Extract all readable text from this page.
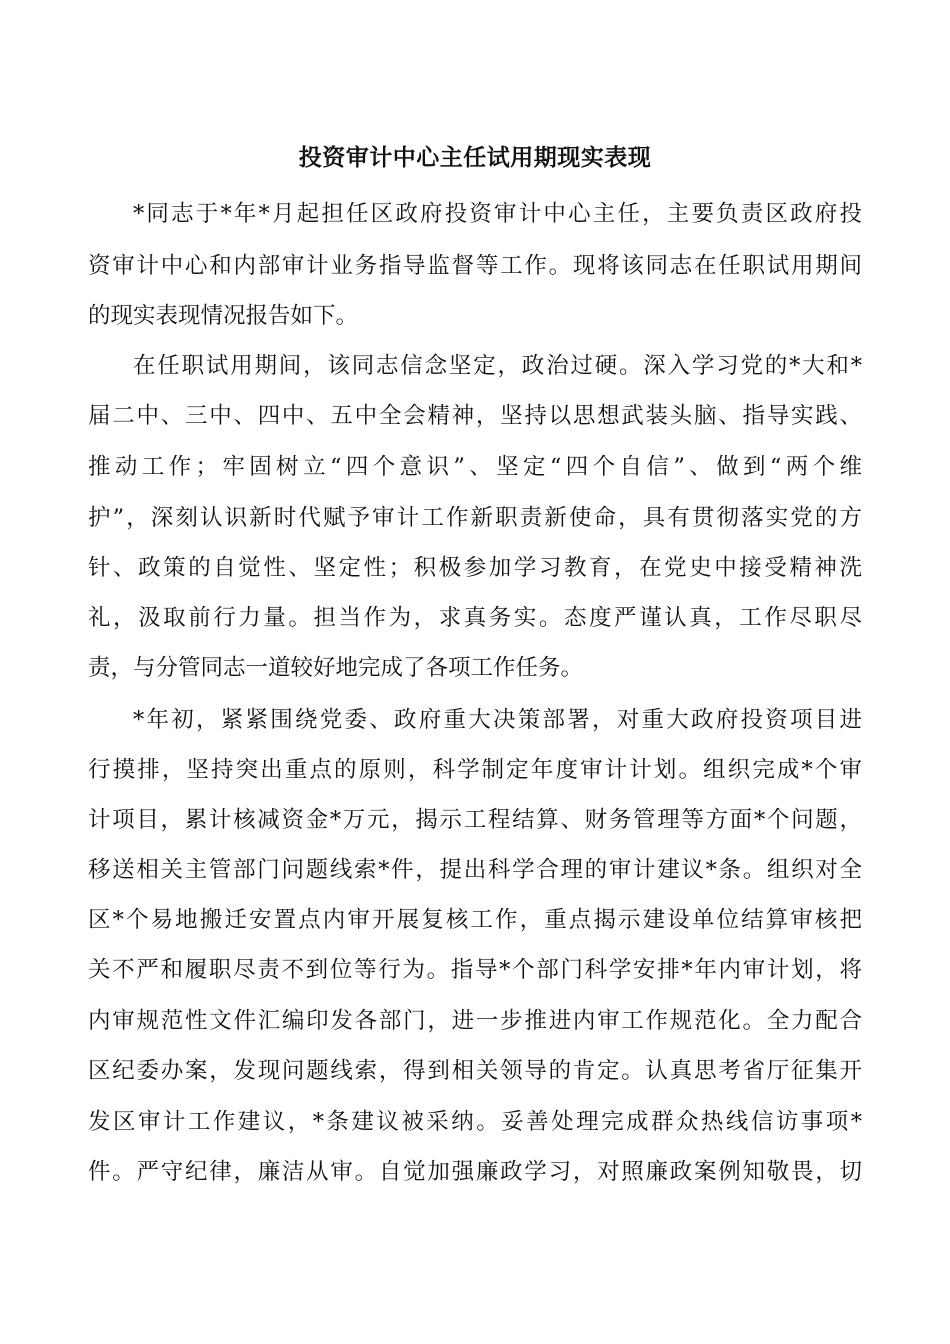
投资审计中心主任试用期现实表现
*同志于*年*月起担任区政府投资审计中心主任，主要负责区政府投
资审计中心和内部审计业务指导监督等工作。现将该同志在任职试用期间
的现实表现情况报告如下。
在任职试用期间，该同志信念坚定，政治过硬。深入学习党的*大和*
届二中、三中、四中、五中全会精神，坚持以思想武装头脑、指导实践、
推动工作；牢固树立“四个意识”、坚定“四个自信”、做到“两个维
护”，深刻认识新时代赋予审计工作新职责新使命，具有贯彻落实党的方
针、政策的自觉性、坚定性；积极参加学习教育，在党史中接受精神洗
礼，汲取前行力量。担当作为，求真务实。态度严谨认真，工作尽职尽
责，与分管同志一道较好地完成了各项工作任务。
*年初，紧紧围绕党委、政府重大决策部署，对重大政府投资项目进
行摸排，坚持突出重点的原则，科学制定年度审计计划。组织完成*个审
计项目，累计核减资金*万元，揭示工程结算、财务管理等方面*个问题，
移送相关主管部门问题线索*件，提出科学合理的审计建议*条。组织对全
区*个易地搬迁安置点内审开展复核工作，重点揭示建设单位结算审核把
关不严和履职尽责不到位等行为。指导*个部门科学安排*年内审计划，将
内审规范性文件汇编印发各部门，进一步推进内审工作规范化。全力配合
区纪委办案，发现问题线索，得到相关领导的肯定。认真思考省厅征集开
发区审计工作建议，*条建议被采纳。妥善处理完成群众热线信访事项*
件。严守纪律，廉洁从审。自觉加强廉政学习，对照廉政案例知敬畏，切
